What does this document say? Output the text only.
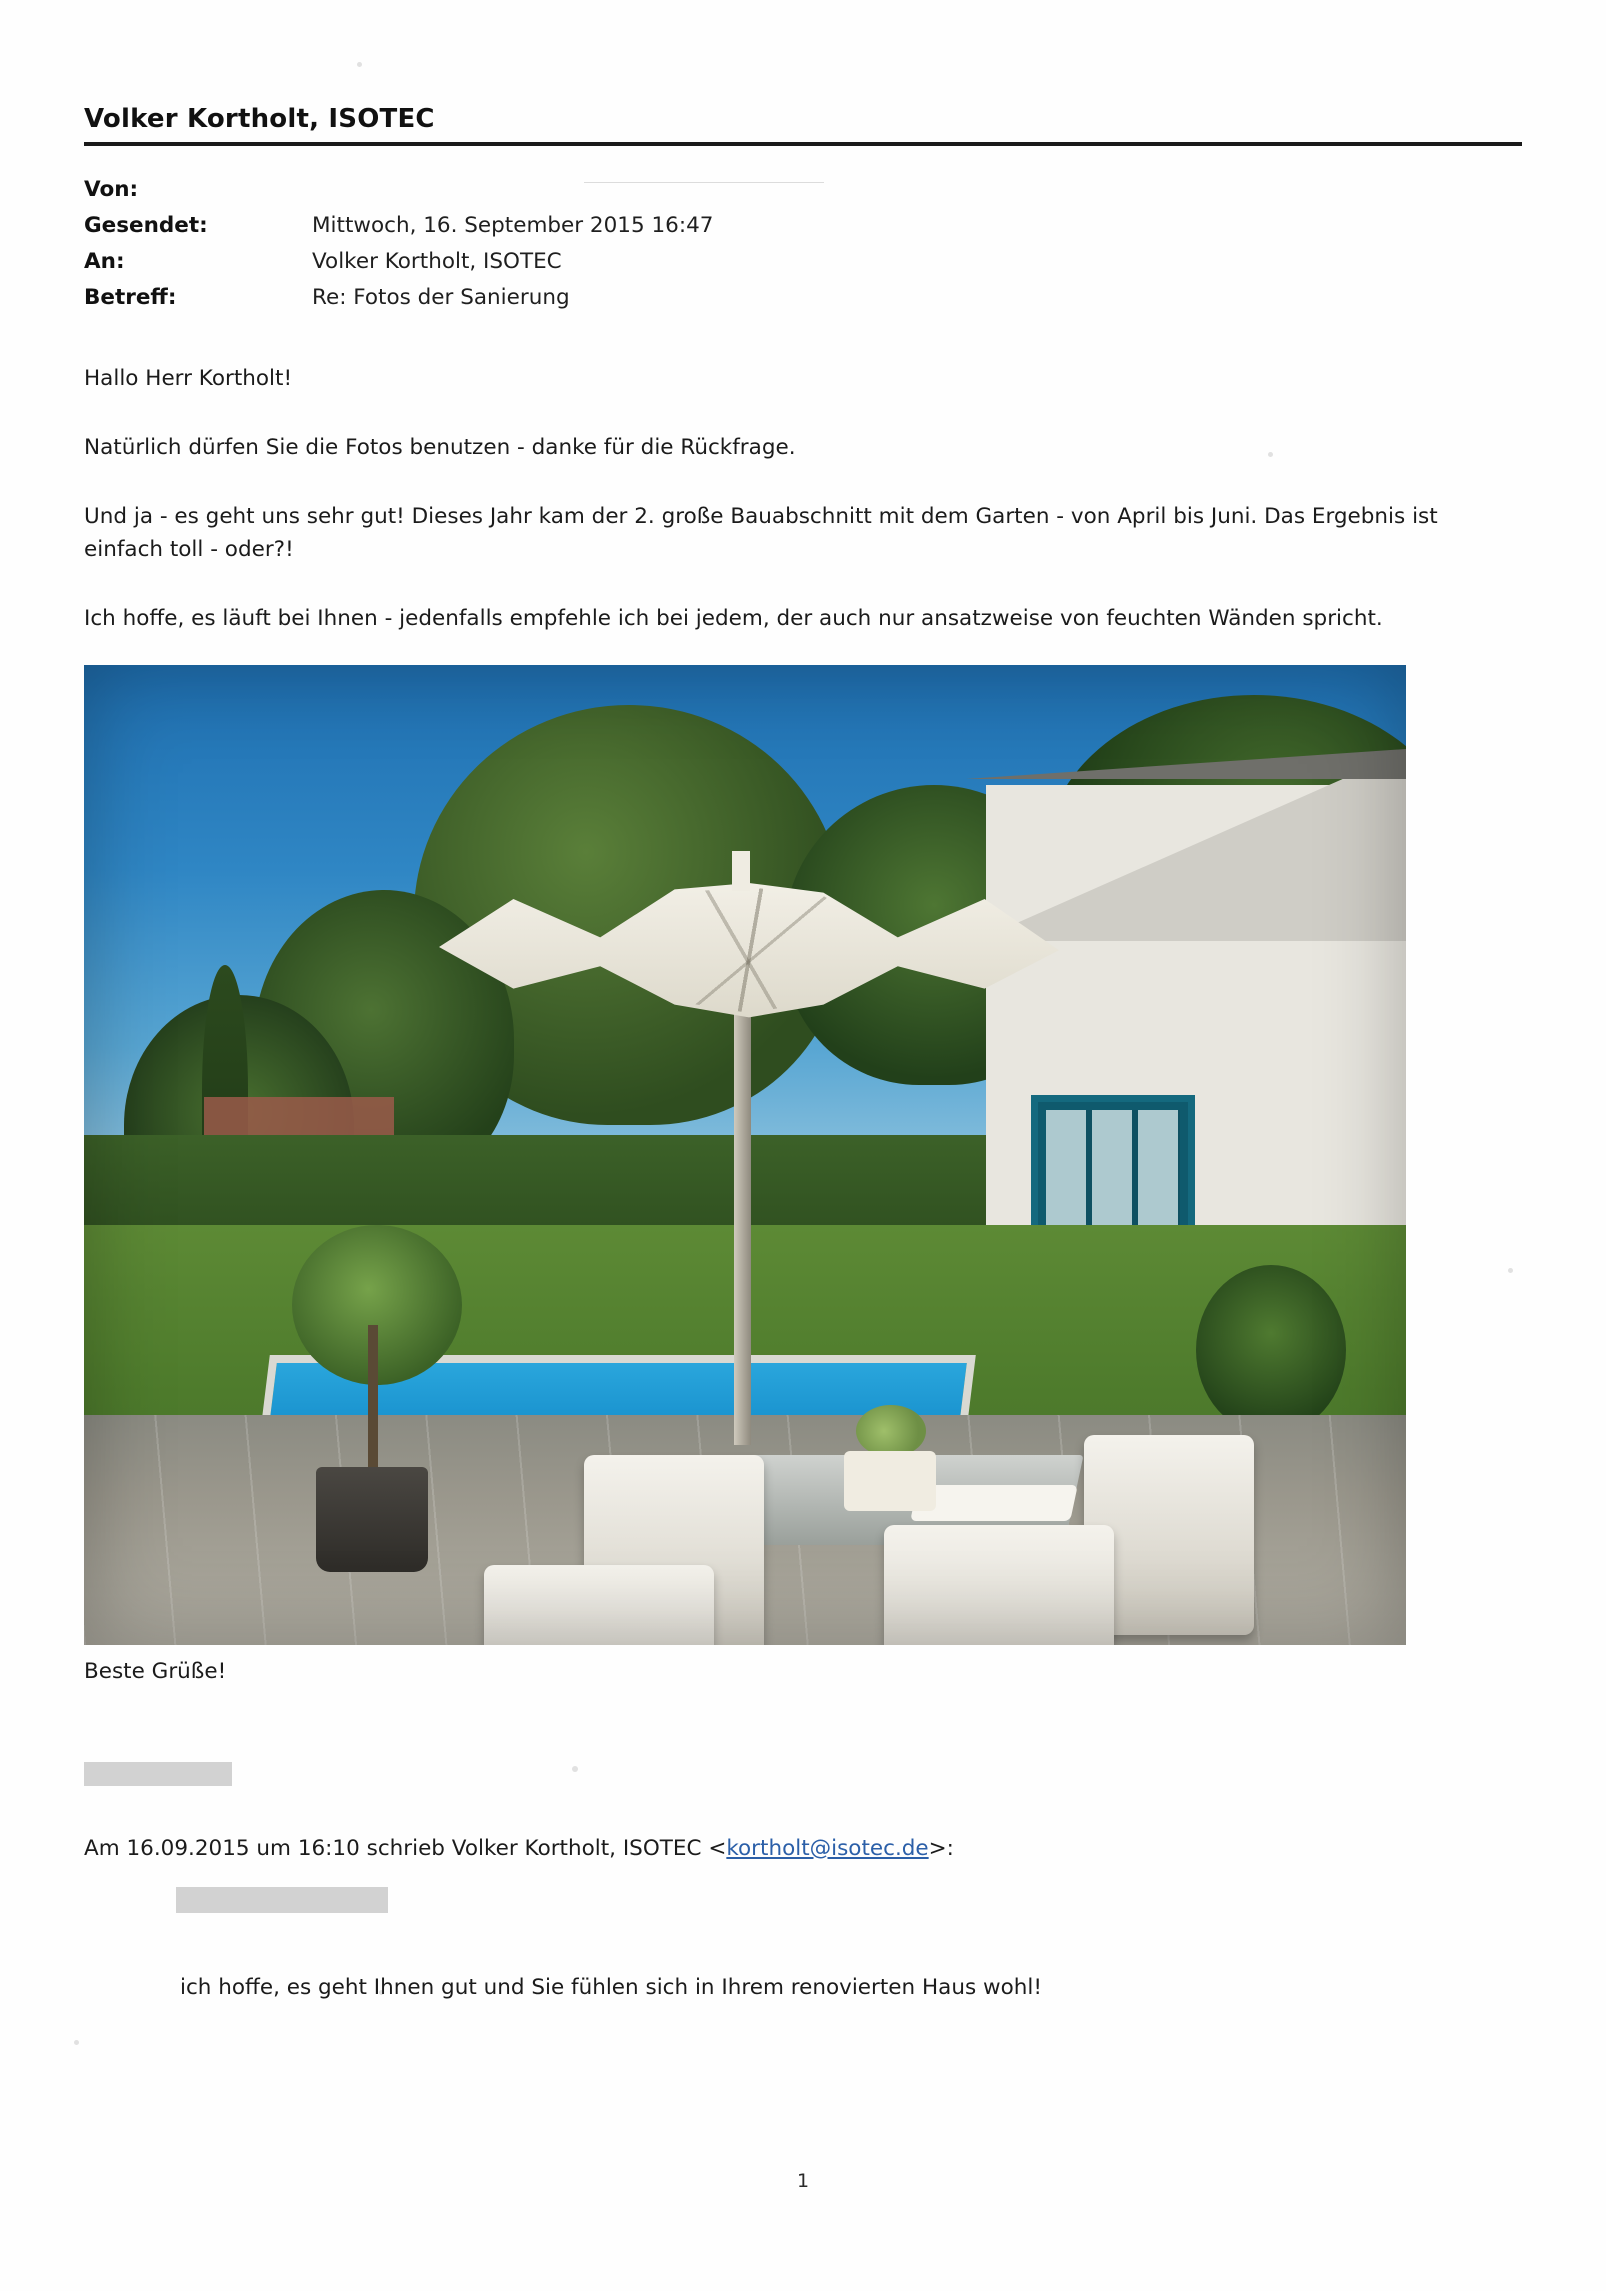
Volker Kortholt, ISOTEC
Von:
Gesendet:	Mittwoch, 16. September 2015 16:47
An:	Volker Kortholt, ISOTEC
Betreff:	Re: Fotos der Sanierung

Hallo Herr Kortholt!

Natürlich dürfen Sie die Fotos benutzen - danke für die Rückfrage.

Und ja - es geht uns sehr gut! Dieses Jahr kam der 2. große Bauabschnitt mit dem Garten - von April bis Juni. Das Ergebnis ist einfach toll - oder?!

Ich hoffe, es läuft bei Ihnen - jedenfalls empfehle ich bei jedem, der auch nur ansatzweise von feuchten Wänden spricht.

Beste Grüße!

Am 16.09.2015 um 16:10 schrieb Volker Kortholt, ISOTEC <kortholt@isotec.de>:
ich hoffe, es geht Ihnen gut und Sie fühlen sich in Ihrem renovierten Haus wohl!
1
